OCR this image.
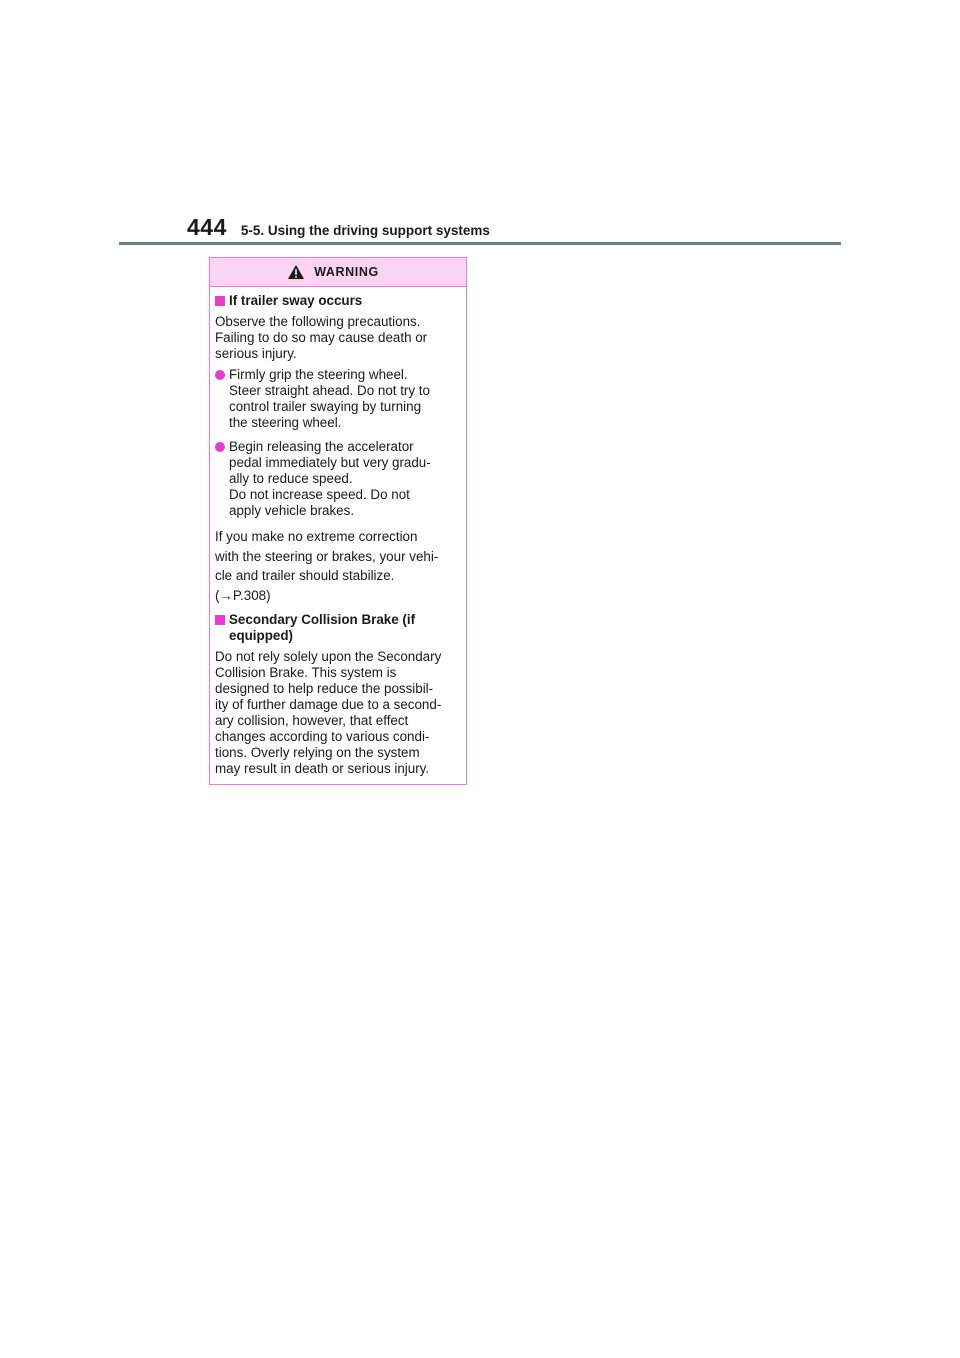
444 5-5. Using the driving support systems
WARNING
If trailer sway occurs

Observe the following precautions.
Failing to do so may cause death or
serious injury.

Firmly grip the steering wheel.
Steer straight ahead. Do not try to
control trailer swaying by turning
the steering wheel.
Begin releasing the accelerator
pedal immediately but very gradu-
ally to reduce speed.
Do not increase speed. Do not
apply vehicle brakes.

If you make no extreme correction

with the steering or brakes, your vehi-

cle and trailer should stabilize.

(→P.308)

Secondary Collision Brake (if
equipped)

Do not rely solely upon the Secondary
Collision Brake. This system is
designed to help reduce the possibil-
ity of further damage due to a second-
ary collision, however, that effect
changes according to various condi-
tions. Overly relying on the system
may result in death or serious injury.
